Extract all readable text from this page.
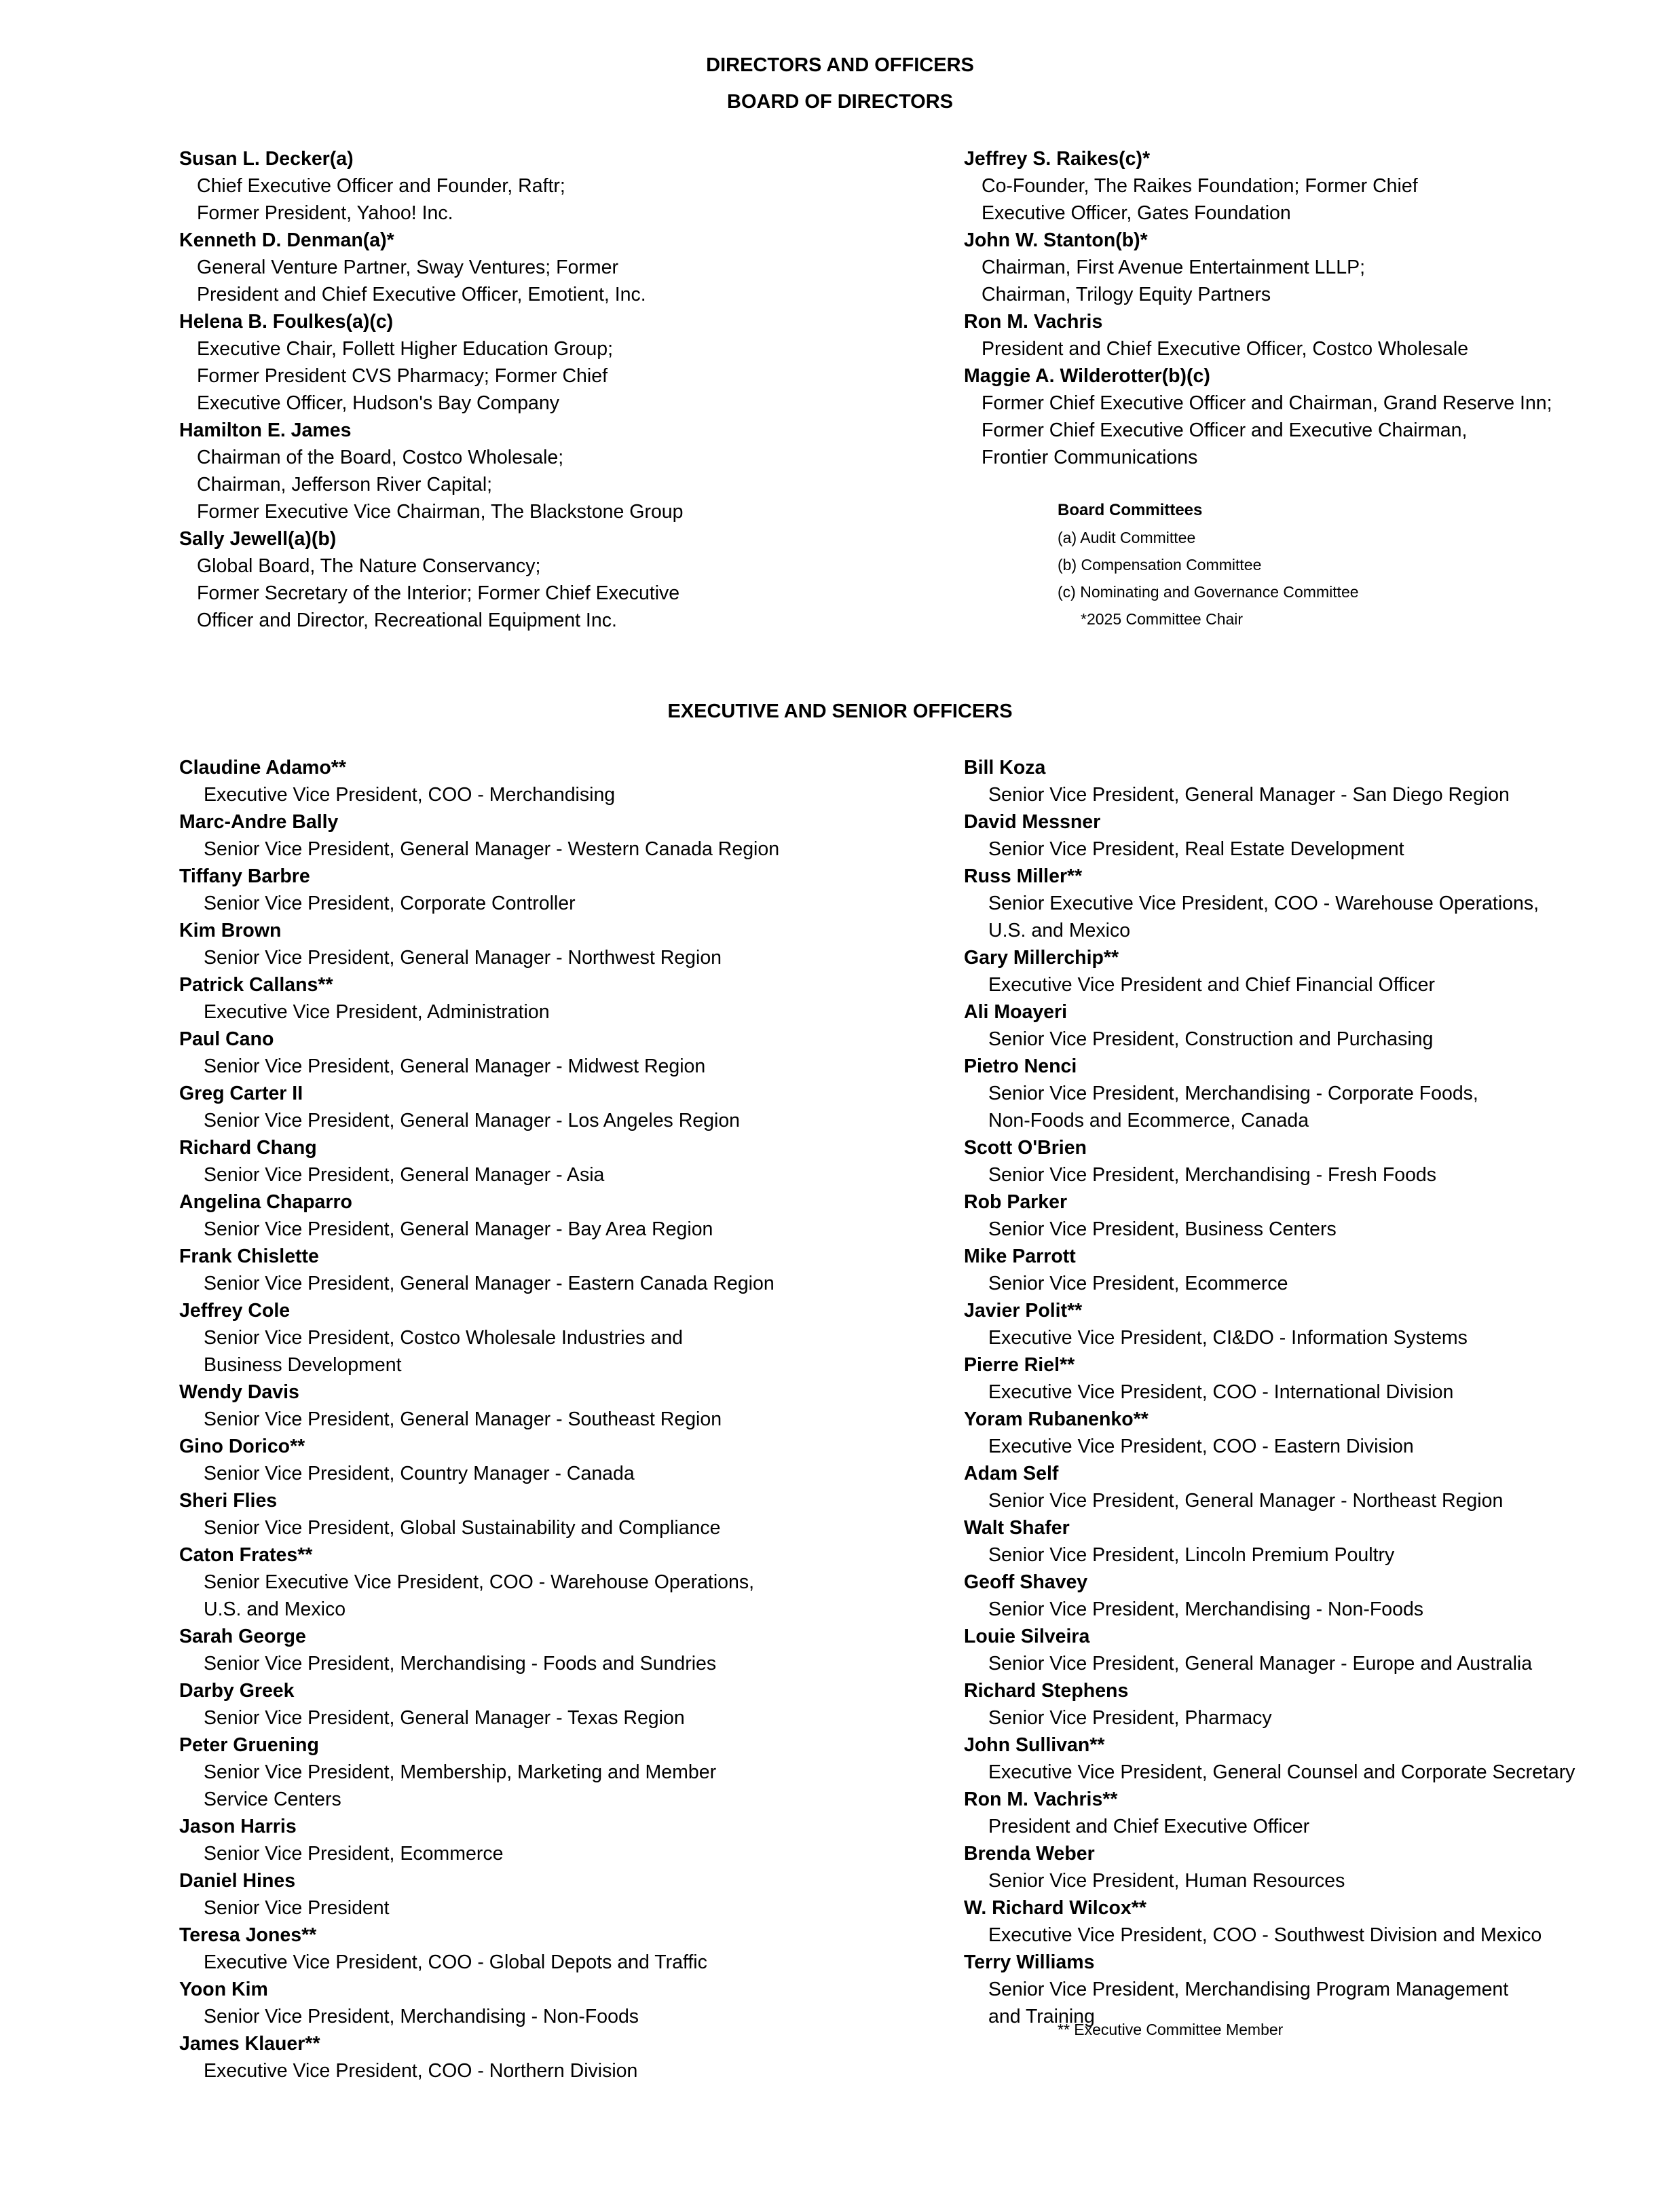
DIRECTORS AND OFFICERS
BOARD OF DIRECTORS
Susan L. Decker(a)
Chief Executive Officer and Founder, Raftr;
Former President, Yahoo! Inc.
Kenneth D. Denman(a)*
General Venture Partner, Sway Ventures; Former
President and Chief Executive Officer, Emotient, Inc.
Helena B. Foulkes(a)(c)
Executive Chair, Follett Higher Education Group;
Former President CVS Pharmacy; Former Chief
Executive Officer, Hudson's Bay Company
Hamilton E. James
Chairman of the Board, Costco Wholesale;
Chairman, Jefferson River Capital;
Former Executive Vice Chairman, The Blackstone Group
Sally Jewell(a)(b)
Global Board, The Nature Conservancy;
Former Secretary of the Interior; Former Chief Executive
Officer and Director, Recreational Equipment Inc.
Jeffrey S. Raikes(c)*
Co-Founder, The Raikes Foundation; Former Chief
Executive Officer, Gates Foundation
John W. Stanton(b)*
Chairman, First Avenue Entertainment LLLP;
Chairman, Trilogy Equity Partners
Ron M. Vachris
President and Chief Executive Officer, Costco Wholesale
Maggie A. Wilderotter(b)(c)
Former Chief Executive Officer and Chairman, Grand Reserve Inn;
Former Chief Executive Officer and Executive Chairman,
Frontier Communications
Board Committees
(a) Audit Committee
(b) Compensation Committee
(c) Nominating and Governance Committee
*2025 Committee Chair
EXECUTIVE AND SENIOR OFFICERS
Claudine Adamo**
Executive Vice President, COO - Merchandising
Marc-Andre Bally
Senior Vice President, General Manager - Western Canada Region
Tiffany Barbre
Senior Vice President, Corporate Controller
Kim Brown
Senior Vice President, General Manager - Northwest Region
Patrick Callans**
Executive Vice President, Administration
Paul Cano
Senior Vice President, General Manager - Midwest Region
Greg Carter II
Senior Vice President, General Manager - Los Angeles Region
Richard Chang
Senior Vice President, General Manager - Asia
Angelina Chaparro
Senior Vice President, General Manager - Bay Area Region
Frank Chislette
Senior Vice President, General Manager - Eastern Canada Region
Jeffrey Cole
Senior Vice President, Costco Wholesale Industries and
Business Development
Wendy Davis
Senior Vice President, General Manager - Southeast Region
Gino Dorico**
Senior Vice President, Country Manager - Canada
Sheri Flies
Senior Vice President, Global Sustainability and Compliance
Caton Frates**
Senior Executive Vice President, COO - Warehouse Operations,
U.S. and Mexico
Sarah George
Senior Vice President, Merchandising - Foods and Sundries
Darby Greek
Senior Vice President, General Manager - Texas Region
Peter Gruening
Senior Vice President, Membership, Marketing and Member
Service Centers
Jason Harris
Senior Vice President, Ecommerce
Daniel Hines
Senior Vice President
Teresa Jones**
Executive Vice President, COO - Global Depots and Traffic
Yoon Kim
Senior Vice President, Merchandising - Non-Foods
James Klauer**
Executive Vice President, COO - Northern Division
Bill Koza
Senior Vice President, General Manager - San Diego Region
David Messner
Senior Vice President, Real Estate Development
Russ Miller**
Senior Executive Vice President, COO - Warehouse Operations,
U.S. and Mexico
Gary Millerchip**
Executive Vice President and Chief Financial Officer
Ali Moayeri
Senior Vice President, Construction and Purchasing
Pietro Nenci
Senior Vice President, Merchandising - Corporate Foods,
Non-Foods and Ecommerce, Canada
Scott O'Brien
Senior Vice President, Merchandising - Fresh Foods
Rob Parker
Senior Vice President, Business Centers
Mike Parrott
Senior Vice President, Ecommerce
Javier Polit**
Executive Vice President, CI&DO - Information Systems
Pierre Riel**
Executive Vice President, COO - International Division
Yoram Rubanenko**
Executive Vice President, COO - Eastern Division
Adam Self
Senior Vice President, General Manager - Northeast Region
Walt Shafer
Senior Vice President, Lincoln Premium Poultry
Geoff Shavey
Senior Vice President, Merchandising - Non-Foods
Louie Silveira
Senior Vice President, General Manager - Europe and Australia
Richard Stephens
Senior Vice President, Pharmacy
John Sullivan**
Executive Vice President, General Counsel and Corporate Secretary
Ron M. Vachris**
President and Chief Executive Officer
Brenda Weber
Senior Vice President, Human Resources
W. Richard Wilcox**
Executive Vice President, COO - Southwest Division and Mexico
Terry Williams
Senior Vice President, Merchandising Program Management
and Training
** Executive Committee Member
